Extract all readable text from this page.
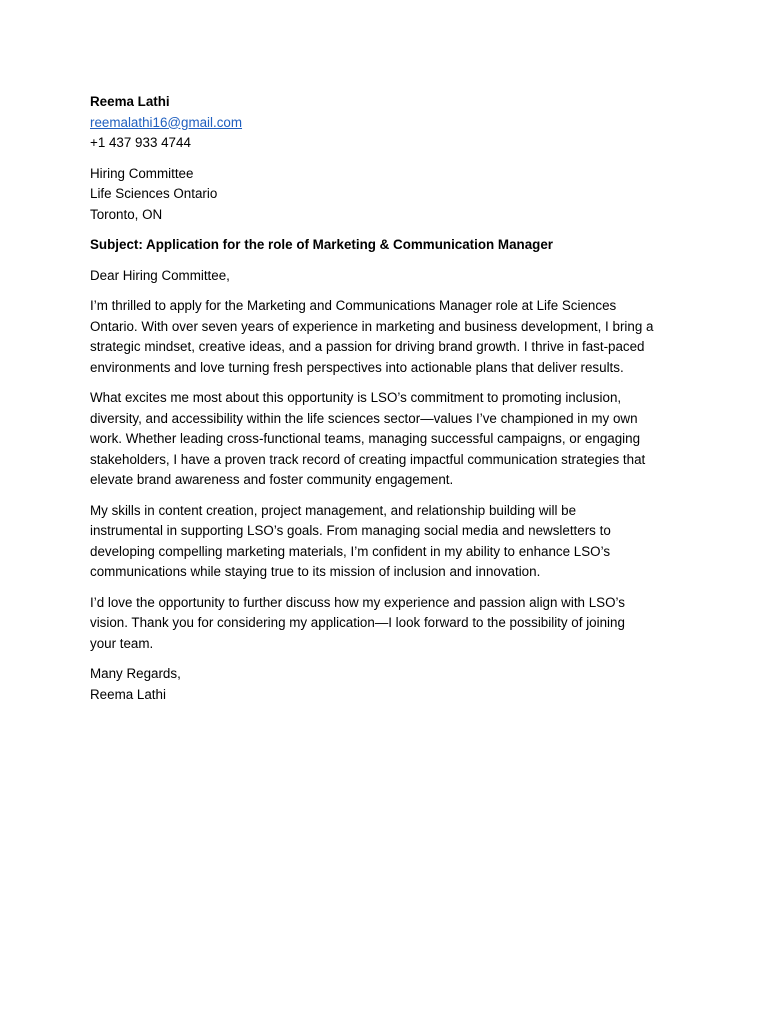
Reema Lathi
reemalathi16@gmail.com
+1 437 933 4744
Hiring Committee
Life Sciences Ontario
Toronto, ON
Subject: Application for the role of Marketing & Communication Manager
Dear Hiring Committee,
I’m thrilled to apply for the Marketing and Communications Manager role at Life Sciences
Ontario. With over seven years of experience in marketing and business development, I bring a
strategic mindset, creative ideas, and a passion for driving brand growth. I thrive in fast-paced
environments and love turning fresh perspectives into actionable plans that deliver results.
What excites me most about this opportunity is LSO’s commitment to promoting inclusion,
diversity, and accessibility within the life sciences sector—values I’ve championed in my own
work. Whether leading cross-functional teams, managing successful campaigns, or engaging
stakeholders, I have a proven track record of creating impactful communication strategies that
elevate brand awareness and foster community engagement.
My skills in content creation, project management, and relationship building will be
instrumental in supporting LSO’s goals. From managing social media and newsletters to
developing compelling marketing materials, I’m confident in my ability to enhance LSO’s
communications while staying true to its mission of inclusion and innovation.
I’d love the opportunity to further discuss how my experience and passion align with LSO’s
vision. Thank you for considering my application—I look forward to the possibility of joining
your team.
Many Regards,
Reema Lathi
